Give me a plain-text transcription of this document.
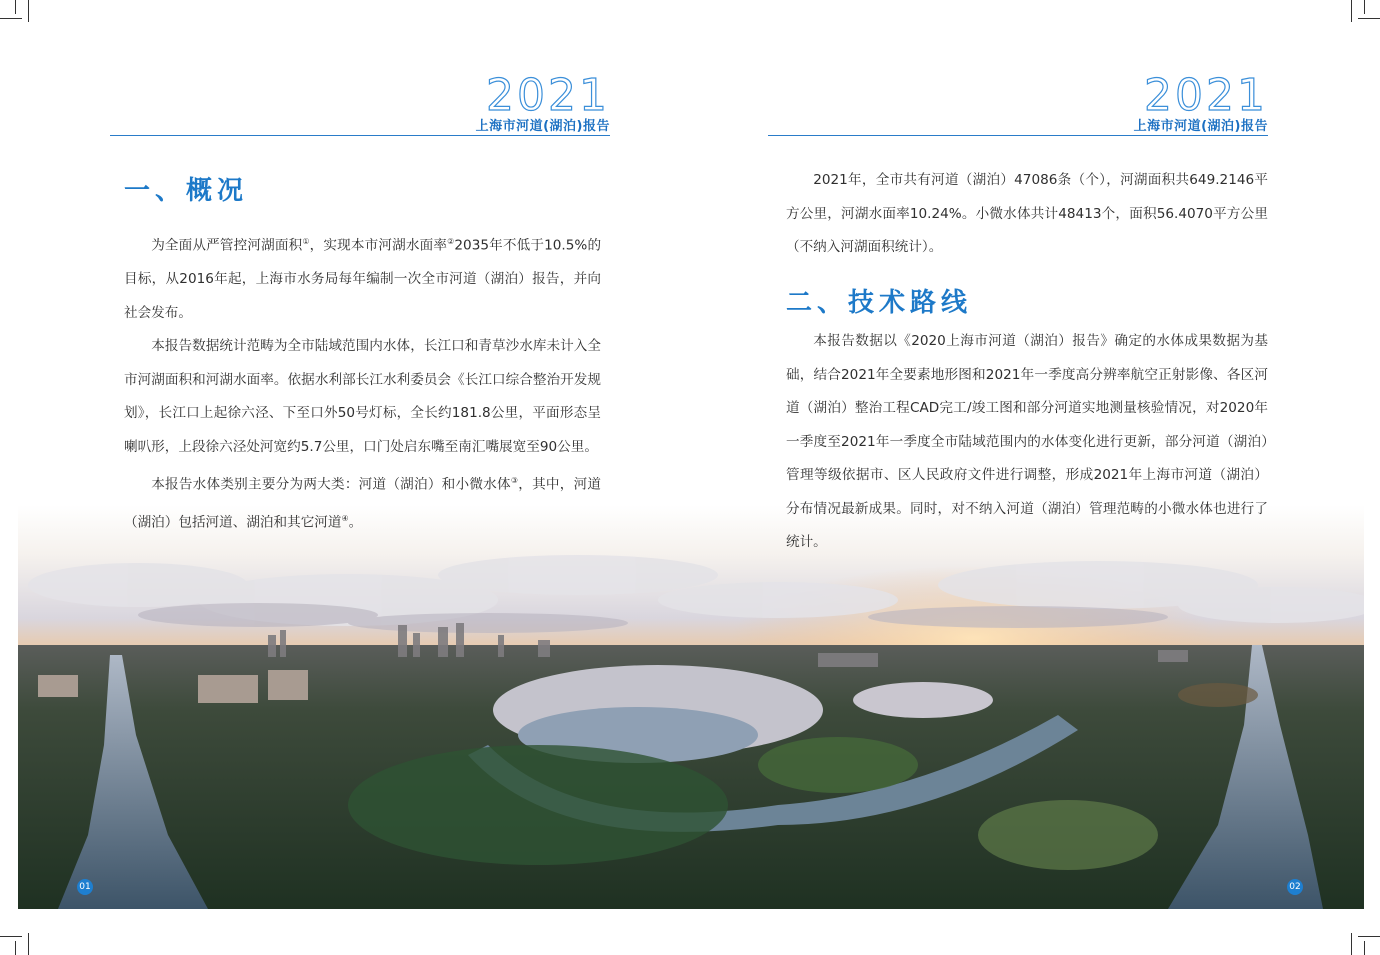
2021
上海市河道(湖泊)报告
一、概况

为全面从严管控河湖面积①，实现本市河湖水面率②2035年不低于10.5%的目标，从2016年起，上海市水务局每年编制一次全市河道（湖泊）报告，并向社会发布。

本报告数据统计范畴为全市陆域范围内水体，长江口和青草沙水库未计入全市河湖面积和河湖水面率。依据水利部长江水利委员会《长江口综合整治开发规划》，长江口上起徐六泾、下至口外50号灯标，全长约181.8公里，平面形态呈喇叭形，上段徐六泾处河宽约5.7公里，口门处启东嘴至南汇嘴展宽至90公里。

本报告水体类别主要分为两大类：河道（湖泊）和小微水体③，其中，河道（湖泊）包括河道、湖泊和其它河道④。

01
2021
上海市河道(湖泊)报告

2021年，全市共有河道（湖泊）47086条（个），河湖面积共649.2146平方公里，河湖水面率10.24%。小微水体共计48413个，面积56.4070平方公里（不纳入河湖面积统计）。

二、技术路线

本报告数据以《2020上海市河道（湖泊）报告》确定的水体成果数据为基础，结合2021年全要素地形图和2021年一季度高分辨率航空正射影像、各区河道（湖泊）整治工程CAD完工/竣工图和部分河道实地测量核验情况，对2020年一季度至2021年一季度全市陆域范围内的水体变化进行更新，部分河道（湖泊）管理等级依据市、区人民政府文件进行调整，形成2021年上海市河道（湖泊）分布情况最新成果。同时，对不纳入河道（湖泊）管理范畴的小微水体也进行了统计。

02
